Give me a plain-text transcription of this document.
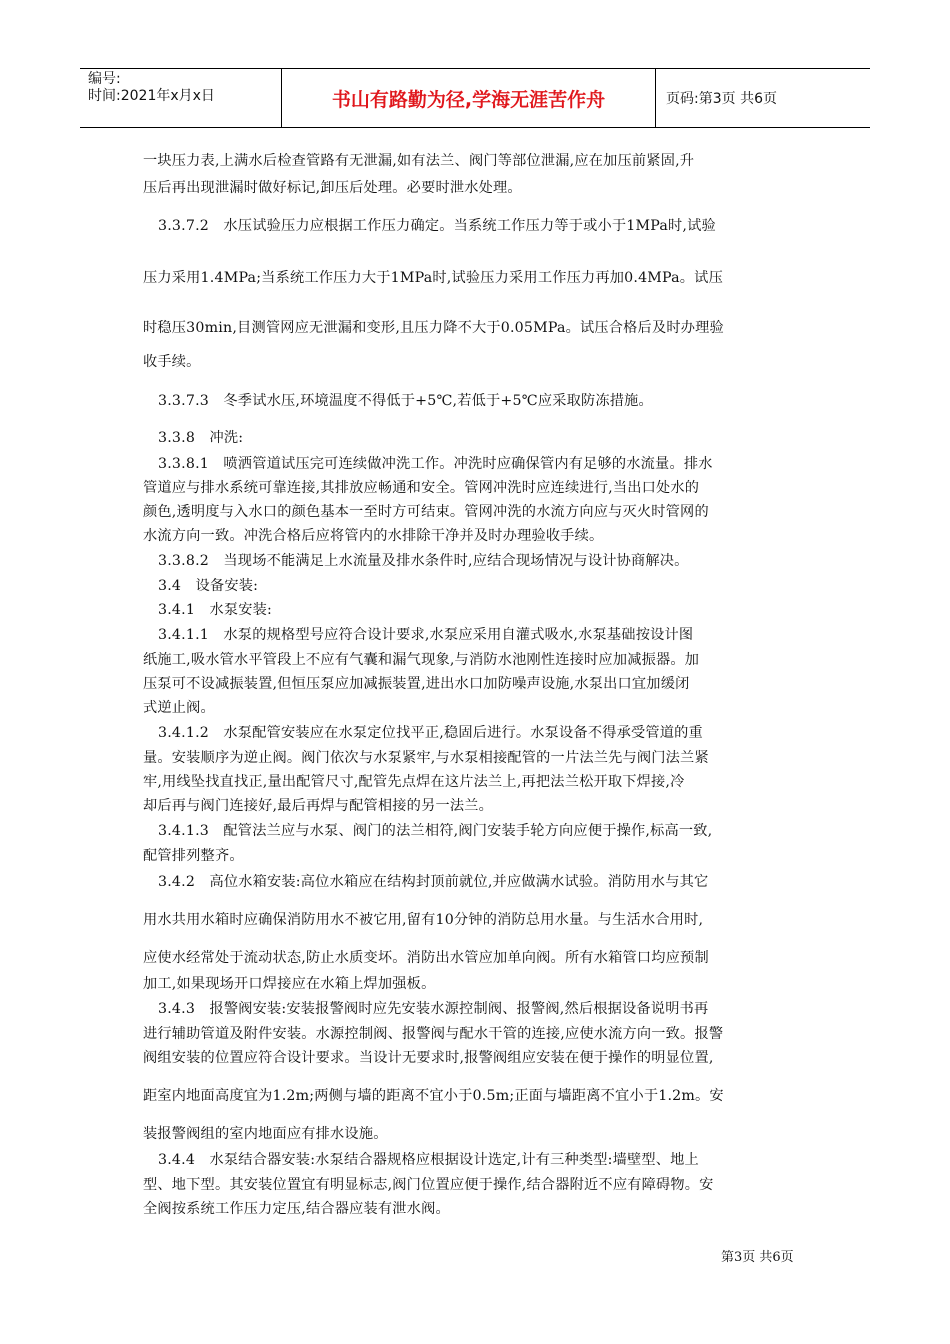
编号:
时间:2021年x月x日	书山有路勤为径,学海无涯苦作舟	页码:第3页 共6页
一块压力表,上满水后检查管路有无泄漏,如有法兰、阀门等部位泄漏,应在加压前紧固,升
压后再出现泄漏时做好标记,卸压后处理。必要时泄水处理。
3.3.7.2　水压试验压力应根据工作压力确定。当系统工作压力等于或小于1MPa时,试验
压力采用1.4MPa;当系统工作压力大于1MPa时,试验压力采用工作压力再加0.4MPa。试压
时稳压30min,目测管网应无泄漏和变形,且压力降不大于0.05MPa。试压合格后及时办理验
收手续。
3.3.7.3　冬季试水压,环境温度不得低于+5℃,若低于+5℃应采取防冻措施。
3.3.8　冲洗:
3.3.8.1　喷洒管道试压完可连续做冲洗工作。冲洗时应确保管内有足够的水流量。排水
管道应与排水系统可靠连接,其排放应畅通和安全。管网冲洗时应连续进行,当出口处水的
颜色,透明度与入水口的颜色基本一至时方可结束。管网冲洗的水流方向应与灭火时管网的
水流方向一致。冲洗合格后应将管内的水排除干净并及时办理验收手续。
3.3.8.2　当现场不能满足上水流量及排水条件时,应结合现场情况与设计协商解决。
3.4　设备安装:
3.4.1　水泵安装:
3.4.1.1　水泵的规格型号应符合设计要求,水泵应采用自灌式吸水,水泵基础按设计图
纸施工,吸水管水平管段上不应有气囊和漏气现象,与消防水池刚性连接时应加减振器。加
压泵可不设减振装置,但恒压泵应加减振装置,进出水口加防噪声设施,水泵出口宜加缓闭
式逆止阀。
3.4.1.2　水泵配管安装应在水泵定位找平正,稳固后进行。水泵设备不得承受管道的重
量。安装顺序为逆止阀。阀门依次与水泵紧牢,与水泵相接配管的一片法兰先与阀门法兰紧
牢,用线坠找直找正,量出配管尺寸,配管先点焊在这片法兰上,再把法兰松开取下焊接,冷
却后再与阀门连接好,最后再焊与配管相接的另一法兰。
3.4.1.3　配管法兰应与水泵、阀门的法兰相符,阀门安装手轮方向应便于操作,标高一致,
配管排列整齐。
3.4.2　高位水箱安装:高位水箱应在结构封顶前就位,并应做满水试验。消防用水与其它
用水共用水箱时应确保消防用水不被它用,留有10分钟的消防总用水量。与生活水合用时,
应使水经常处于流动状态,防止水质变坏。消防出水管应加单向阀。所有水箱管口均应预制
加工,如果现场开口焊接应在水箱上焊加强板。
3.4.3　报警阀安装:安装报警阀时应先安装水源控制阀、报警阀,然后根据设备说明书再
进行辅助管道及附件安装。水源控制阀、报警阀与配水干管的连接,应使水流方向一致。报警
阀组安装的位置应符合设计要求。当设计无要求时,报警阀组应安装在便于操作的明显位置,
距室内地面高度宜为1.2m;两侧与墙的距离不宜小于0.5m;正面与墙距离不宜小于1.2m。安
装报警阀组的室内地面应有排水设施。
3.4.4　水泵结合器安装:水泵结合器规格应根据设计选定,计有三种类型:墙壁型、地上
型、地下型。其安装位置宜有明显标志,阀门位置应便于操作,结合器附近不应有障碍物。安
全阀按系统工作压力定压,结合器应装有泄水阀。
第3页 共6页
